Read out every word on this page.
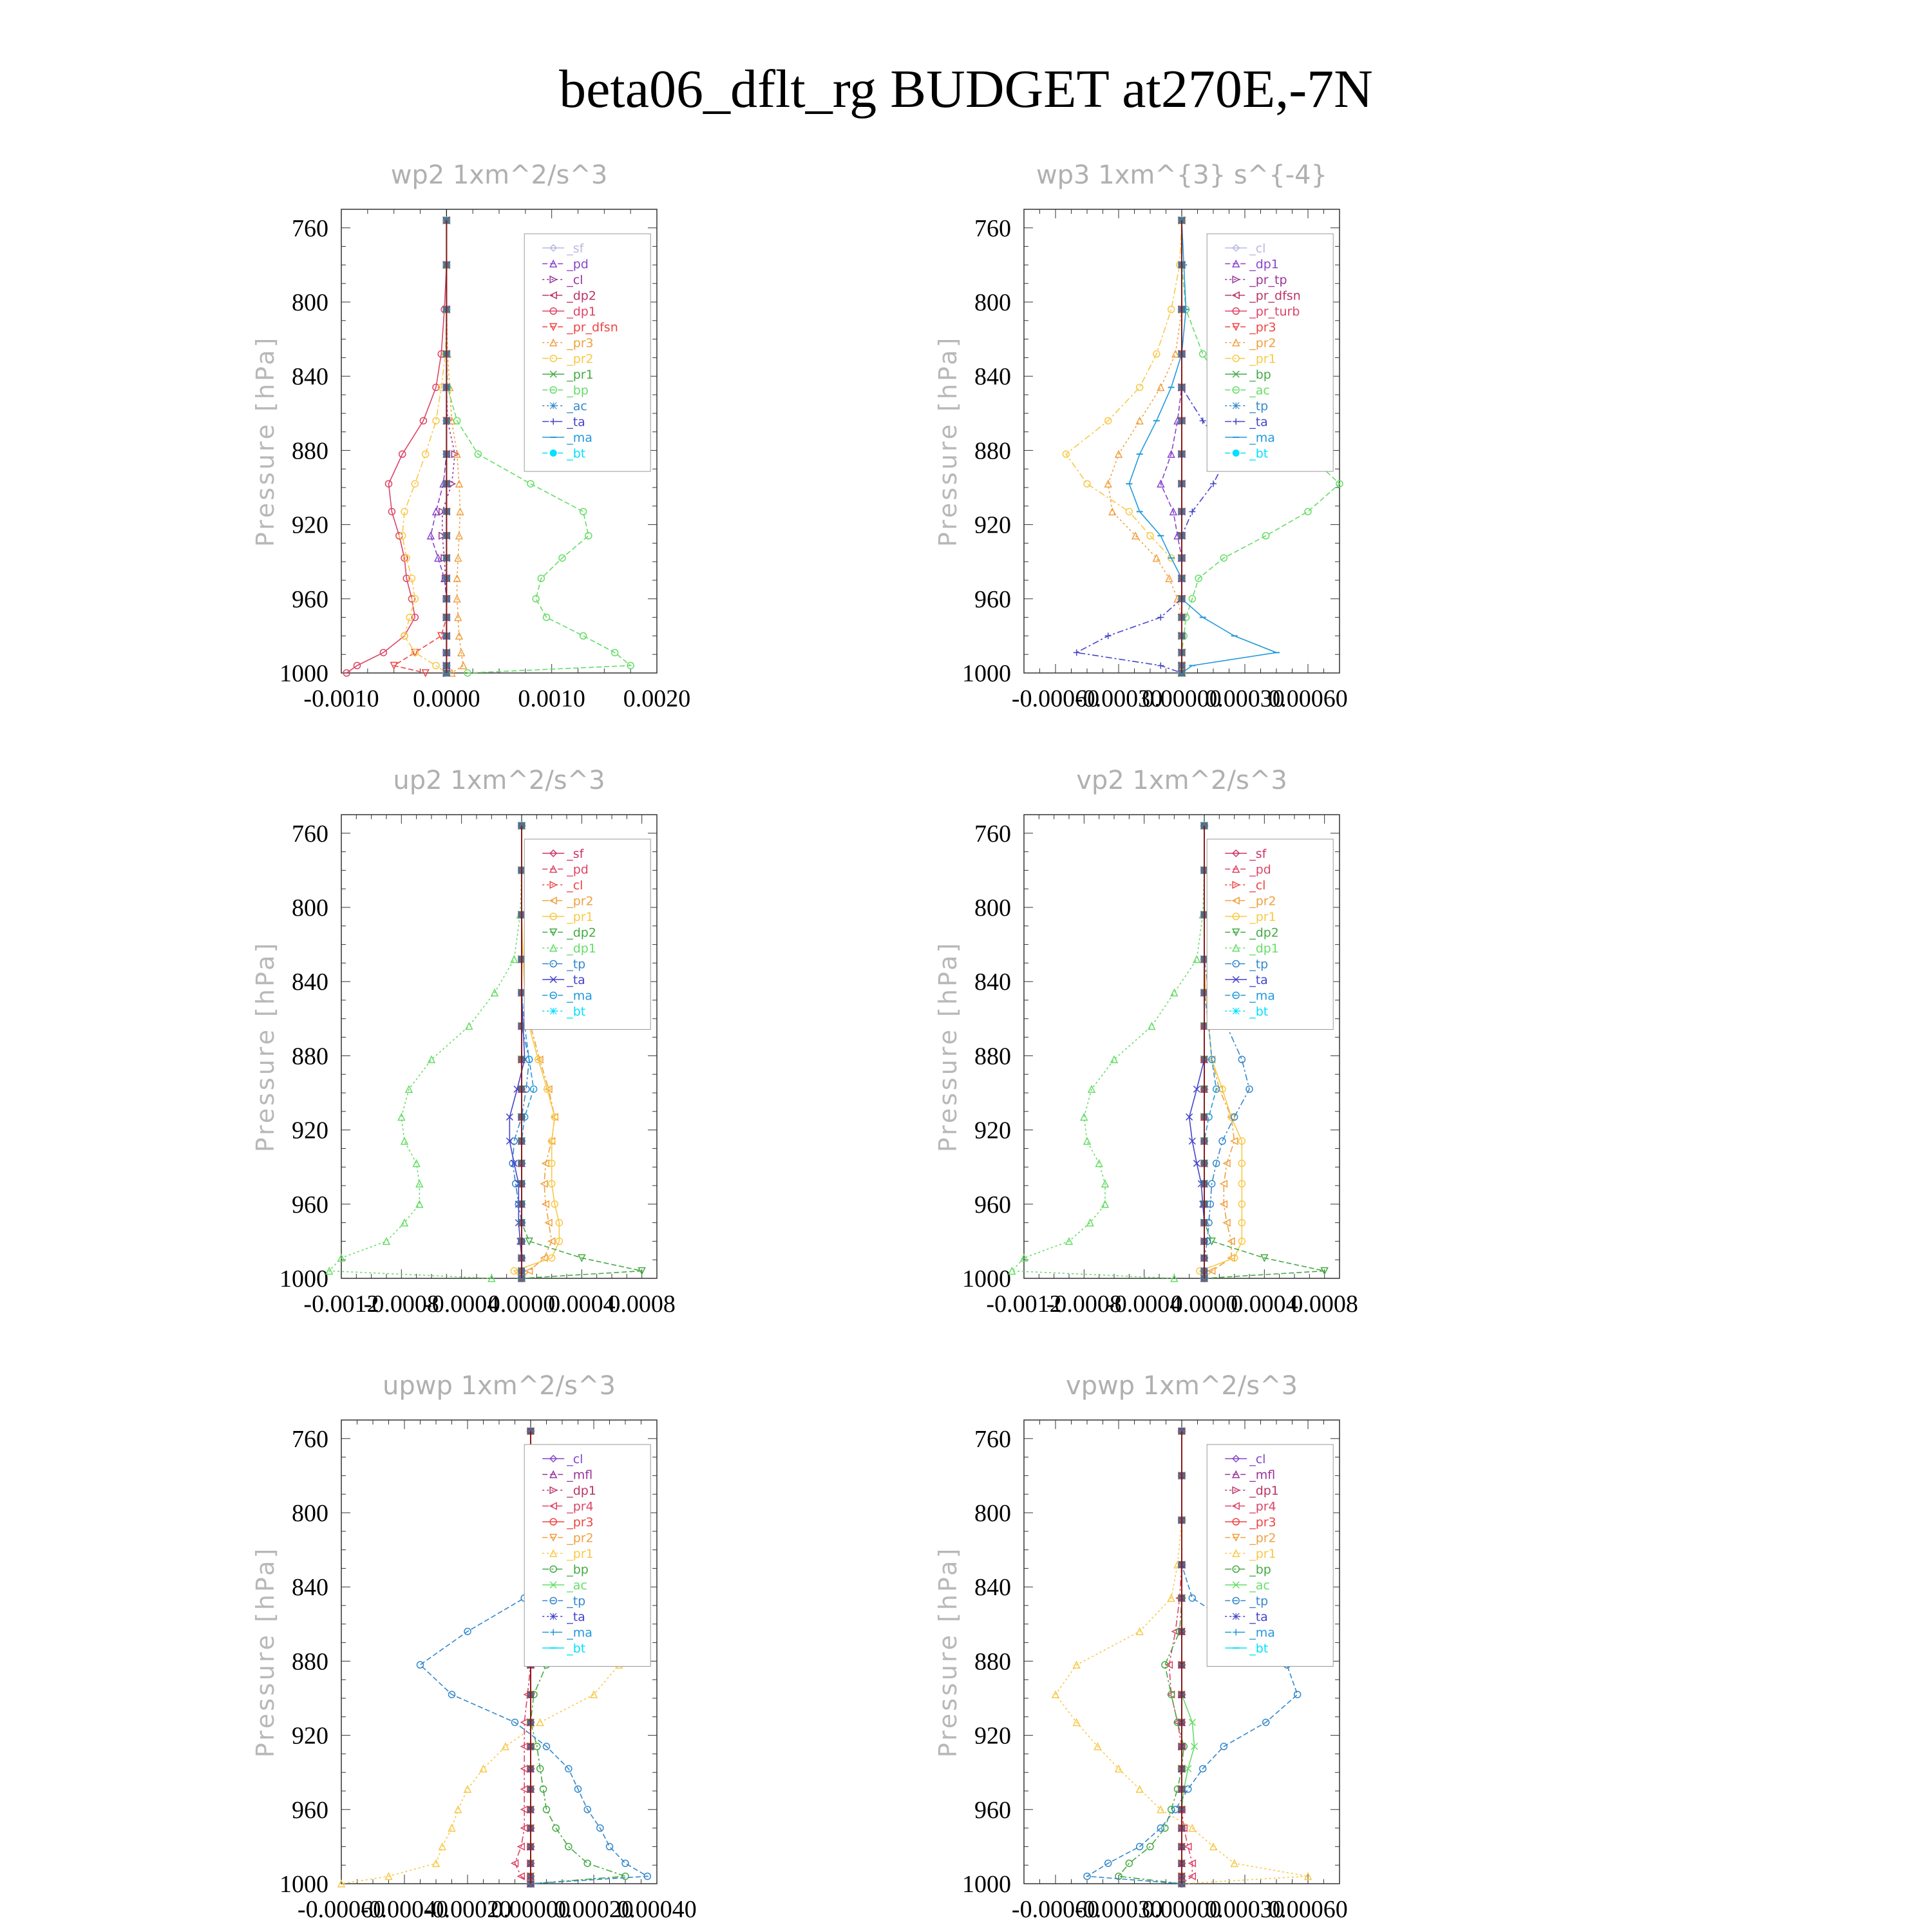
beta06_dflt_rg BUDGET at270E,-7N
wp2 1xm^2/s^3
Pressure [hPa]
760
800
840
880
920
960
1000
-0.0010 0.0000 0.0010 0.0020
_sf
_pd
_cl
_dp2
_dp1
_pr_dfsn
_pr3
_pr2
_pr1
_bp
_ac
_ta
_ma
_bt
wp3 1xm^{3} s^{-4}
Pressure [hPa]
760
800
840
880
920
960
1000
-0.00060
-0.00030
0.00000
0.00030
0.00060
_cl
_dp1
_pr_tp
_pr_dfsn
_pr_turb
_pr3
_pr2
_pr1
_bp
_ac
_tp
_ta
_ma
_bt
up2 1xm^2/s^3
Pressure [hPa]
760
800
840
880
920
960
1000
-0.0012
-0.0008
-0.0004
0.0000
0.0004
0.0008
_sf
_pd
_cl
_pr2
_pr1
_dp2
_dp1
_tp
_ta
_ma
_bt
vp2 1xm^2/s^3
Pressure [hPa]
760
800
840
880
920
960
1000
-0.0012
-0.0008
-0.0004
0.0000
0.0004
0.0008
_sf
_pd
_cl
_pr2
_pr1
_dp2
_dp1
_tp
_ta
_ma
_bt
upwp 1xm^2/s^3
Pressure [hPa]
760
800
840
880
920
960
1000
-0.00060
-0.00040
-0.00020
0.00000
0.00020
0.00040
_cl
_mfl
_dp1
_pr4
_pr3
_pr2
_pr1
_bp
_ac
_tp
_ta
_ma
_bt
vpwp 1xm^2/s^3
Pressure [hPa]
760
800
840
880
920
960
1000
-0.00060
-0.00030
0.00000
0.00030
0.00060
_cl
_mfl
_dp1
_pr4
_pr3
_pr2
_pr1
_bp
_ac
_tp
_ta
_ma
_bt
